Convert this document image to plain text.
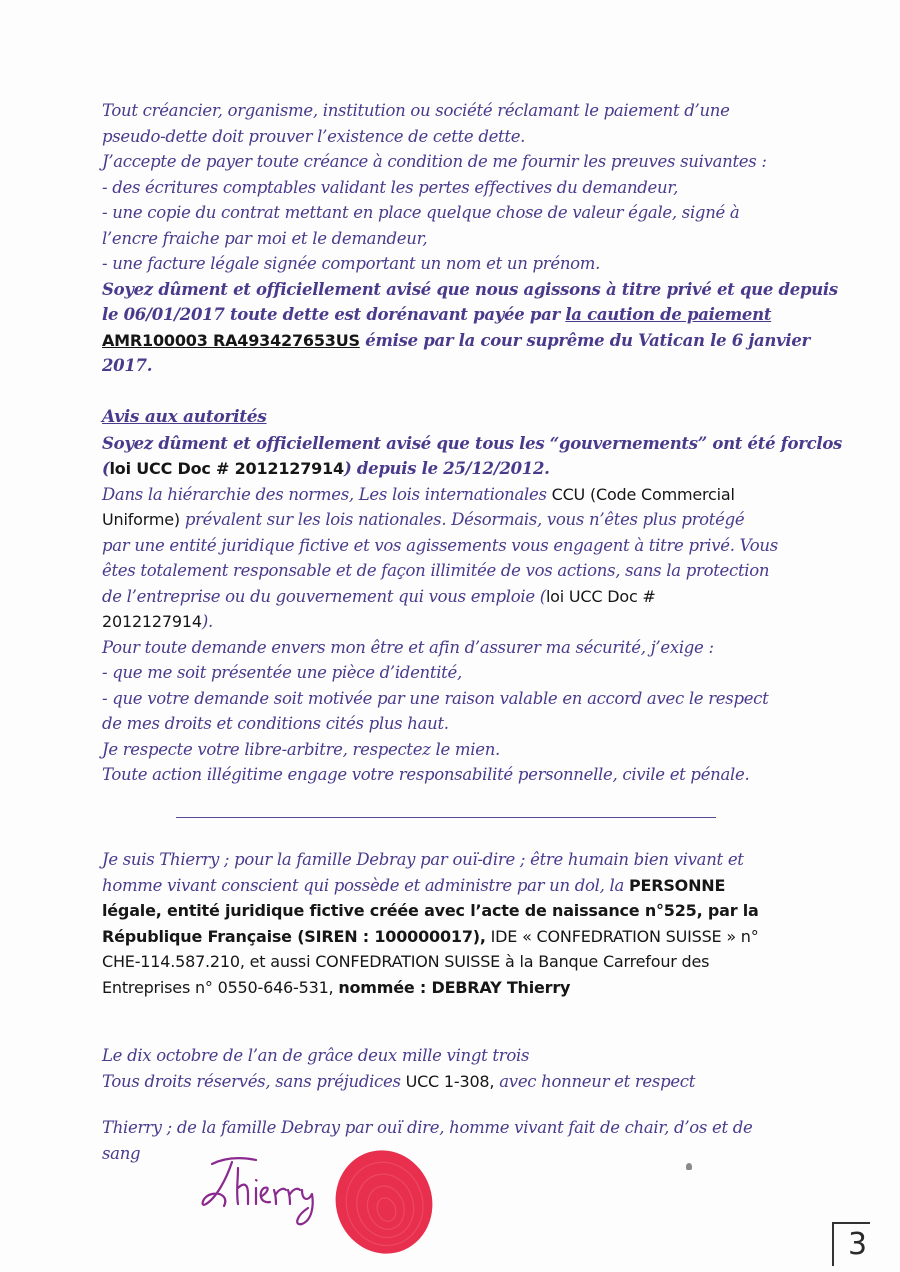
Tout créancier, organisme, institution ou société réclamant le paiement d’une
pseudo-dette doit prouver l’existence de cette dette.
J’accepte de payer toute créance à condition de me fournir les preuves suivantes :
- des écritures comptables validant les pertes effectives du demandeur,
- une copie du contrat mettant en place quelque chose de valeur égale, signé à
l’encre fraiche par moi et le demandeur,
- une facture légale signée comportant un nom et un prénom.
Soyez dûment et officiellement avisé que nous agissons à titre privé et que depuis
le 06/01/2017 toute dette est dorénavant payée par la caution de paiement
AMR100003 RA493427653US émise par la cour suprême du Vatican le 6 janvier
2017.
Avis aux autorités
Soyez dûment et officiellement avisé que tous les “gouvernements” ont été forclos
(loi UCC Doc # 2012127914) depuis le 25/12/2012.
Dans la hiérarchie des normes, Les lois internationales CCU (Code Commercial
Uniforme) prévalent sur les lois nationales. Désormais, vous n’êtes plus protégé
par une entité juridique fictive et vos agissements vous engagent à titre privé. Vous
êtes totalement responsable et de façon illimitée de vos actions, sans la protection
de l’entreprise ou du gouvernement qui vous emploie (loi UCC Doc #
2012127914).
Pour toute demande envers mon être et afin d’assurer ma sécurité, j’exige :
- que me soit présentée une pièce d’identité,
- que votre demande soit motivée par une raison valable en accord avec le respect
de mes droits et conditions cités plus haut.
Je respecte votre libre-arbitre, respectez le mien.
Toute action illégitime engage votre responsabilité personnelle, civile et pénale.
Je suis Thierry ; pour la famille Debray par ouï-dire ; être humain bien vivant et
homme vivant conscient qui possède et administre par un dol, la PERSONNE
légale, entité juridique fictive créée avec l’acte de naissance n°525, par la
République Française (SIREN : 100000017), IDE « CONFEDRATION SUISSE » n°
CHE-114.587.210, et aussi CONFEDRATION SUISSE à la Banque Carrefour des
Entreprises n° 0550-646-531, nommée : DEBRAY Thierry
Le dix octobre de l’an de grâce deux mille vingt trois
Tous droits réservés, sans préjudices UCC 1-308, avec honneur et respect
Thierry ; de la famille Debray par ouï dire, homme vivant fait de chair, d’os et de
sang
3
